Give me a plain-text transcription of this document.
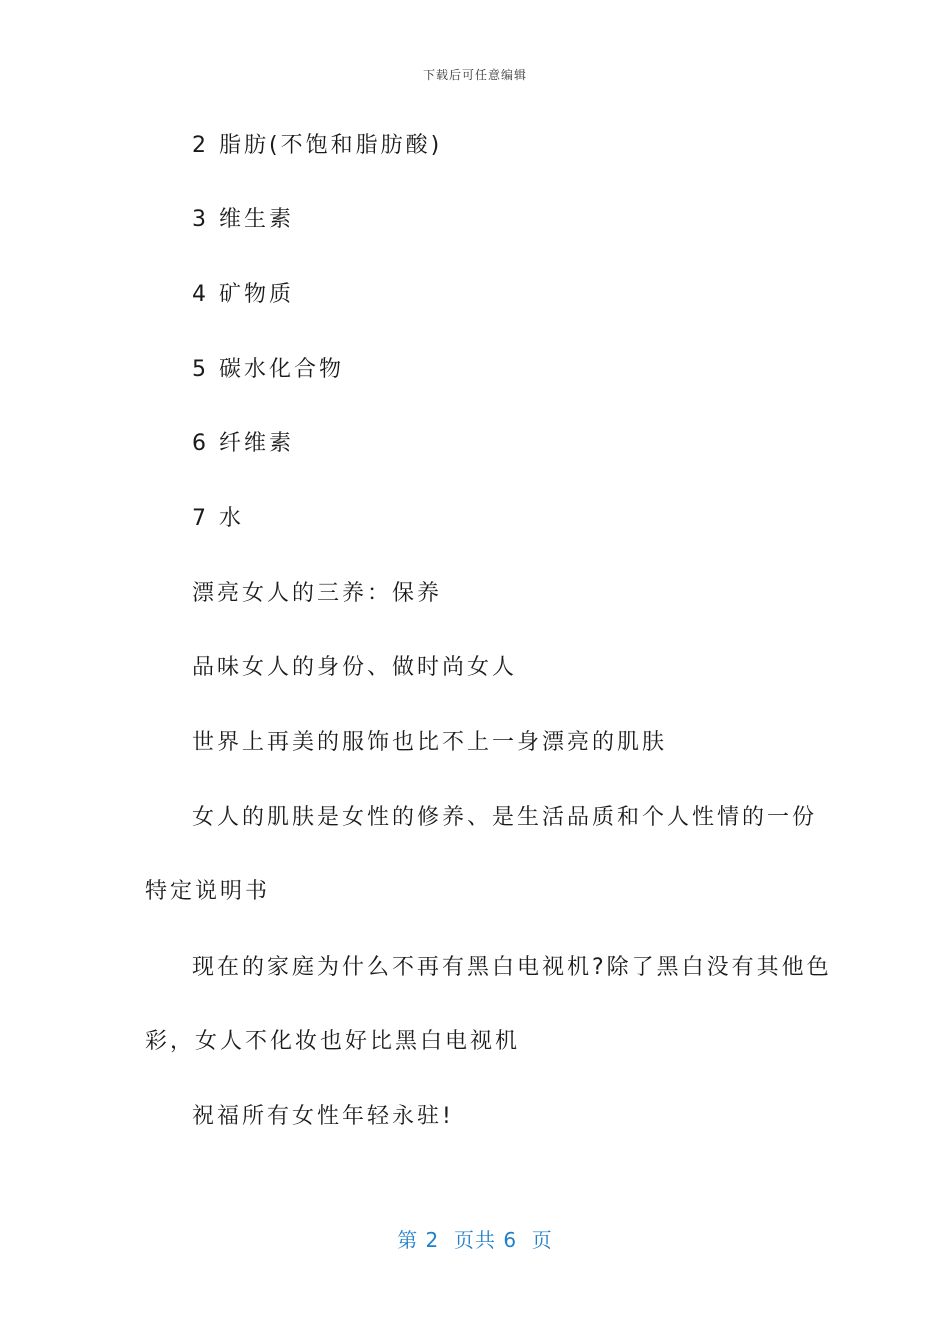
下载后可任意编辑
2 脂肪(不饱和脂肪酸)
3 维生素
4 矿物质
5 碳水化合物
6 纤维素
7 水
漂亮女人的三养：保养
品味女人的身份、做时尚女人
世界上再美的服饰也比不上一身漂亮的肌肤
女人的肌肤是女性的修养、是生活品质和个人性情的一份
特定说明书
现在的家庭为什么不再有黑白电视机?除了黑白没有其他色
彩，女人不化妆也好比黑白电视机
祝福所有女性年轻永驻!
第 2  页共 6  页
